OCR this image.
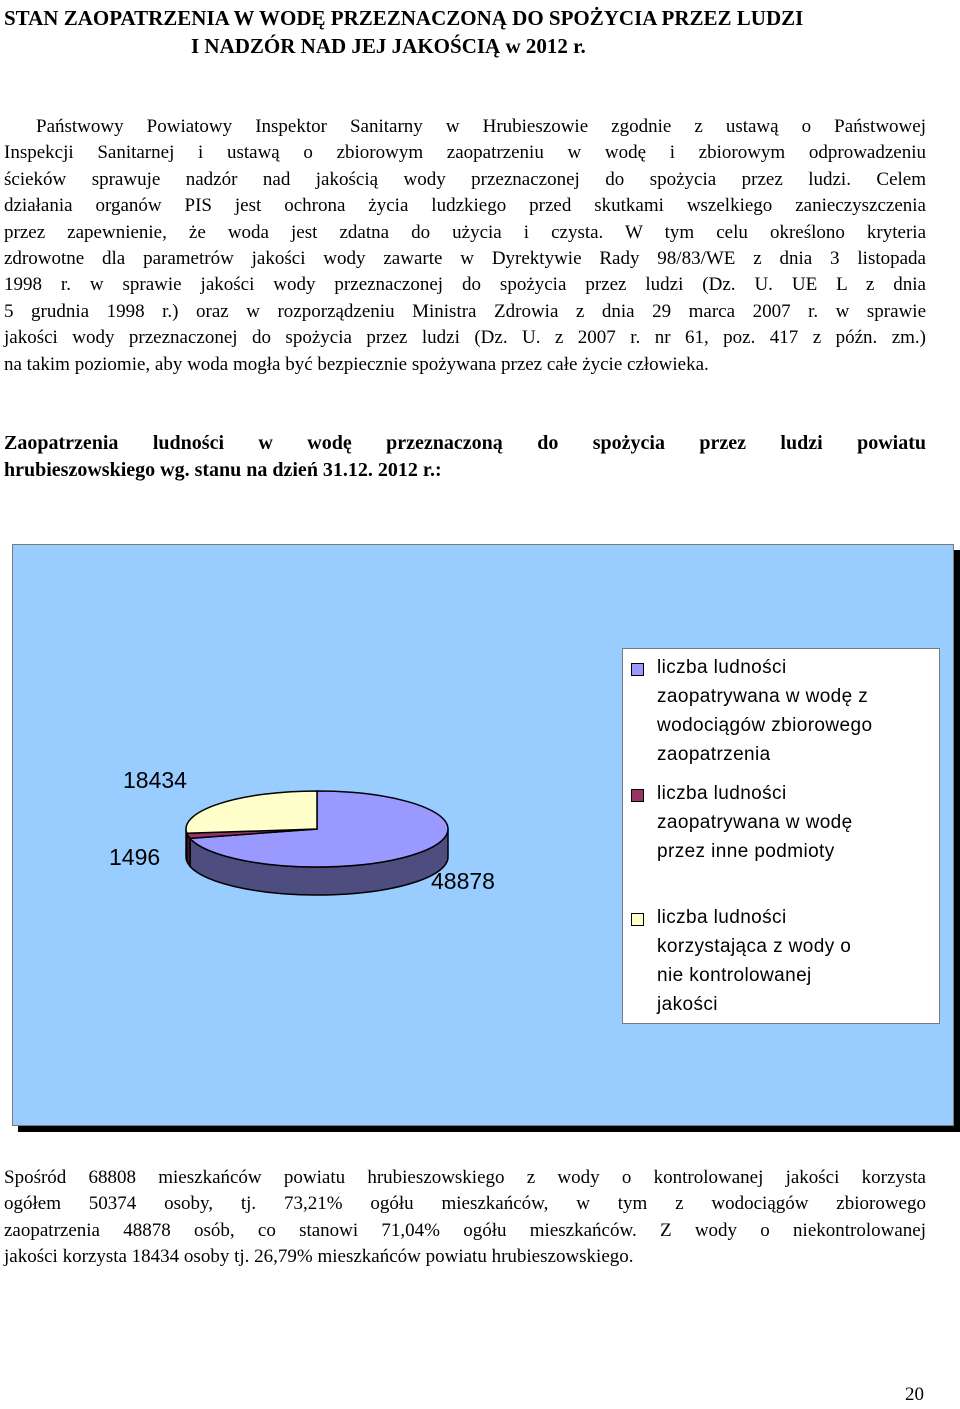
STAN ZAOPATRZENIA W WODĘ PRZEZNACZONĄ DO SPOŻYCIA PRZEZ LUDZI
I NADZÓR NAD JEJ JAKOŚCIĄ w 2012 r.
Państwowy Powiatowy Inspektor Sanitarny w Hrubieszowie zgodnie z ustawą o Państwowej
Inspekcji Sanitarnej i ustawą o zbiorowym zaopatrzeniu w wodę i zbiorowym odprowadzeniu
ścieków sprawuje nadzór nad jakością wody przeznaczonej do spożycia przez ludzi. Celem
działania organów PIS jest ochrona życia ludzkiego przed skutkami wszelkiego zanieczyszczenia
przez zapewnienie, że woda jest zdatna do użycia i czysta. W tym celu określono kryteria
zdrowotne dla parametrów jakości wody zawarte w Dyrektywie Rady 98/83/WE z dnia 3 listopada
1998 r. w sprawie jakości wody przeznaczonej do spożycia przez ludzi (Dz. U. UE L z dnia
5 grudnia 1998 r.) oraz w rozporządzeniu Ministra Zdrowia z dnia 29 marca 2007 r. w sprawie
jakości wody przeznaczonej do spożycia przez ludzi (Dz. U. z 2007 r. nr 61, poz. 417 z późn. zm.)
na takim poziomie, aby woda mogła być bezpiecznie spożywana przez całe życie człowieka.
Zaopatrzenia ludności w wodę przeznaczoną do spożycia przez ludzi powiatu
hrubieszowskiego wg. stanu na dzień 31.12. 2012 r.:
48878
1496
18434
liczba ludności
zaopatrywana w wodę z
wodociągów zbiorowego
zaopatrzenia
liczba ludności
zaopatrywana w wodę
przez inne podmioty
liczba ludności
korzystająca z wody o
nie kontrolowanej
jakości
Spośród 68808 mieszkańców powiatu hrubieszowskiego z wody o kontrolowanej jakości korzysta
ogółem 50374 osoby, tj. 73,21% ogółu mieszkańców, w tym z wodociągów zbiorowego
zaopatrzenia 48878 osób, co stanowi 71,04% ogółu mieszkańców. Z wody o niekontrolowanej
jakości korzysta 18434 osoby tj. 26,79% mieszkańców powiatu hrubieszowskiego.
20
